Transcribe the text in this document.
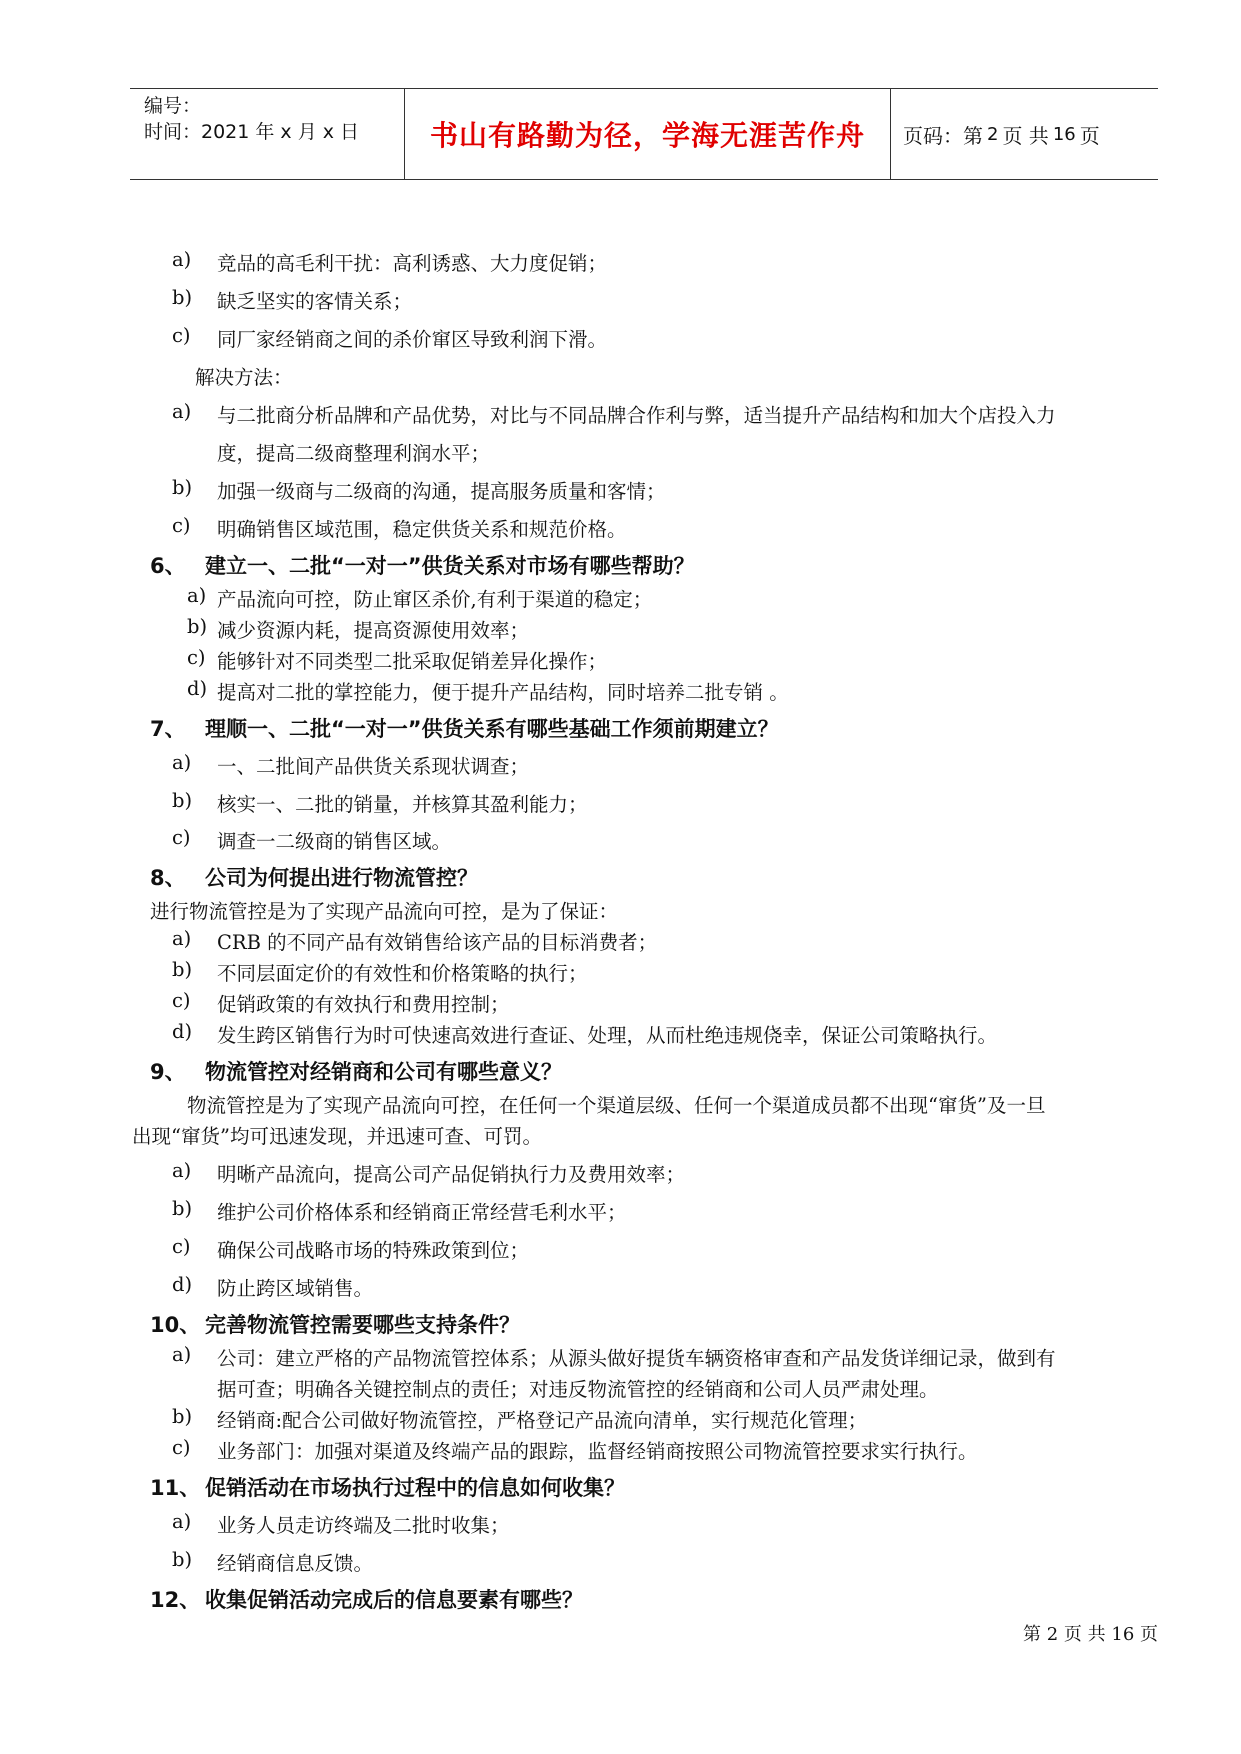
编号：
时间：2021 年 x 月 x 日	书山有路勤为径，学海无涯苦作舟	页码：第 2 页 共 16 页
a) 竞品的高毛利干扰：高利诱惑、大力度促销；
b) 缺乏坚实的客情关系；
c) 同厂家经销商之间的杀价窜区导致利润下滑。
解决方法：
a) 与二批商分析品牌和产品优势，对比与不同品牌合作利与弊，适当提升产品结构和加大个店投入力
度，提高二级商整理利润水平；
b) 加强一级商与二级商的沟通，提高服务质量和客情；
c) 明确销售区域范围，稳定供货关系和规范价格。
6、 建立一、二批“一对一”供货关系对市场有哪些帮助？
a) 产品流向可控，防止窜区杀价,有利于渠道的稳定；
b) 减少资源内耗，提高资源使用效率；
c) 能够针对不同类型二批采取促销差异化操作；
d) 提高对二批的掌控能力，便于提升产品结构，同时培养二批专销 。
7、 理顺一、二批“一对一”供货关系有哪些基础工作须前期建立？
a) 一、二批间产品供货关系现状调查；
b) 核实一、二批的销量，并核算其盈利能力；
c) 调查一二级商的销售区域。
8、 公司为何提出进行物流管控？
进行物流管控是为了实现产品流向可控，是为了保证：
a) CRB 的不同产品有效销售给该产品的目标消费者；
b) 不同层面定价的有效性和价格策略的执行；
c) 促销政策的有效执行和费用控制；
d) 发生跨区销售行为时可快速高效进行查证、处理，从而杜绝违规侥幸，保证公司策略执行。
9、 物流管控对经销商和公司有哪些意义？
物流管控是为了实现产品流向可控，在任何一个渠道层级、任何一个渠道成员都不出现“窜货”及一旦
出现“窜货”均可迅速发现，并迅速可查、可罚。
a) 明晰产品流向，提高公司产品促销执行力及费用效率；
b) 维护公司价格体系和经销商正常经营毛利水平；
c) 确保公司战略市场的特殊政策到位；
d) 防止跨区域销售。
10、 完善物流管控需要哪些支持条件？
a) 公司：建立严格的产品物流管控体系；从源头做好提货车辆资格审查和产品发货详细记录，做到有
据可查；明确各关键控制点的责任；对违反物流管控的经销商和公司人员严肃处理。
b) 经销商:配合公司做好物流管控，严格登记产品流向清单，实行规范化管理；
c) 业务部门：加强对渠道及终端产品的跟踪，监督经销商按照公司物流管控要求实行执行。
11、 促销活动在市场执行过程中的信息如何收集？
a) 业务人员走访终端及二批时收集；
b) 经销商信息反馈。
12、 收集促销活动完成后的信息要素有哪些？
第 2 页 共 16 页
